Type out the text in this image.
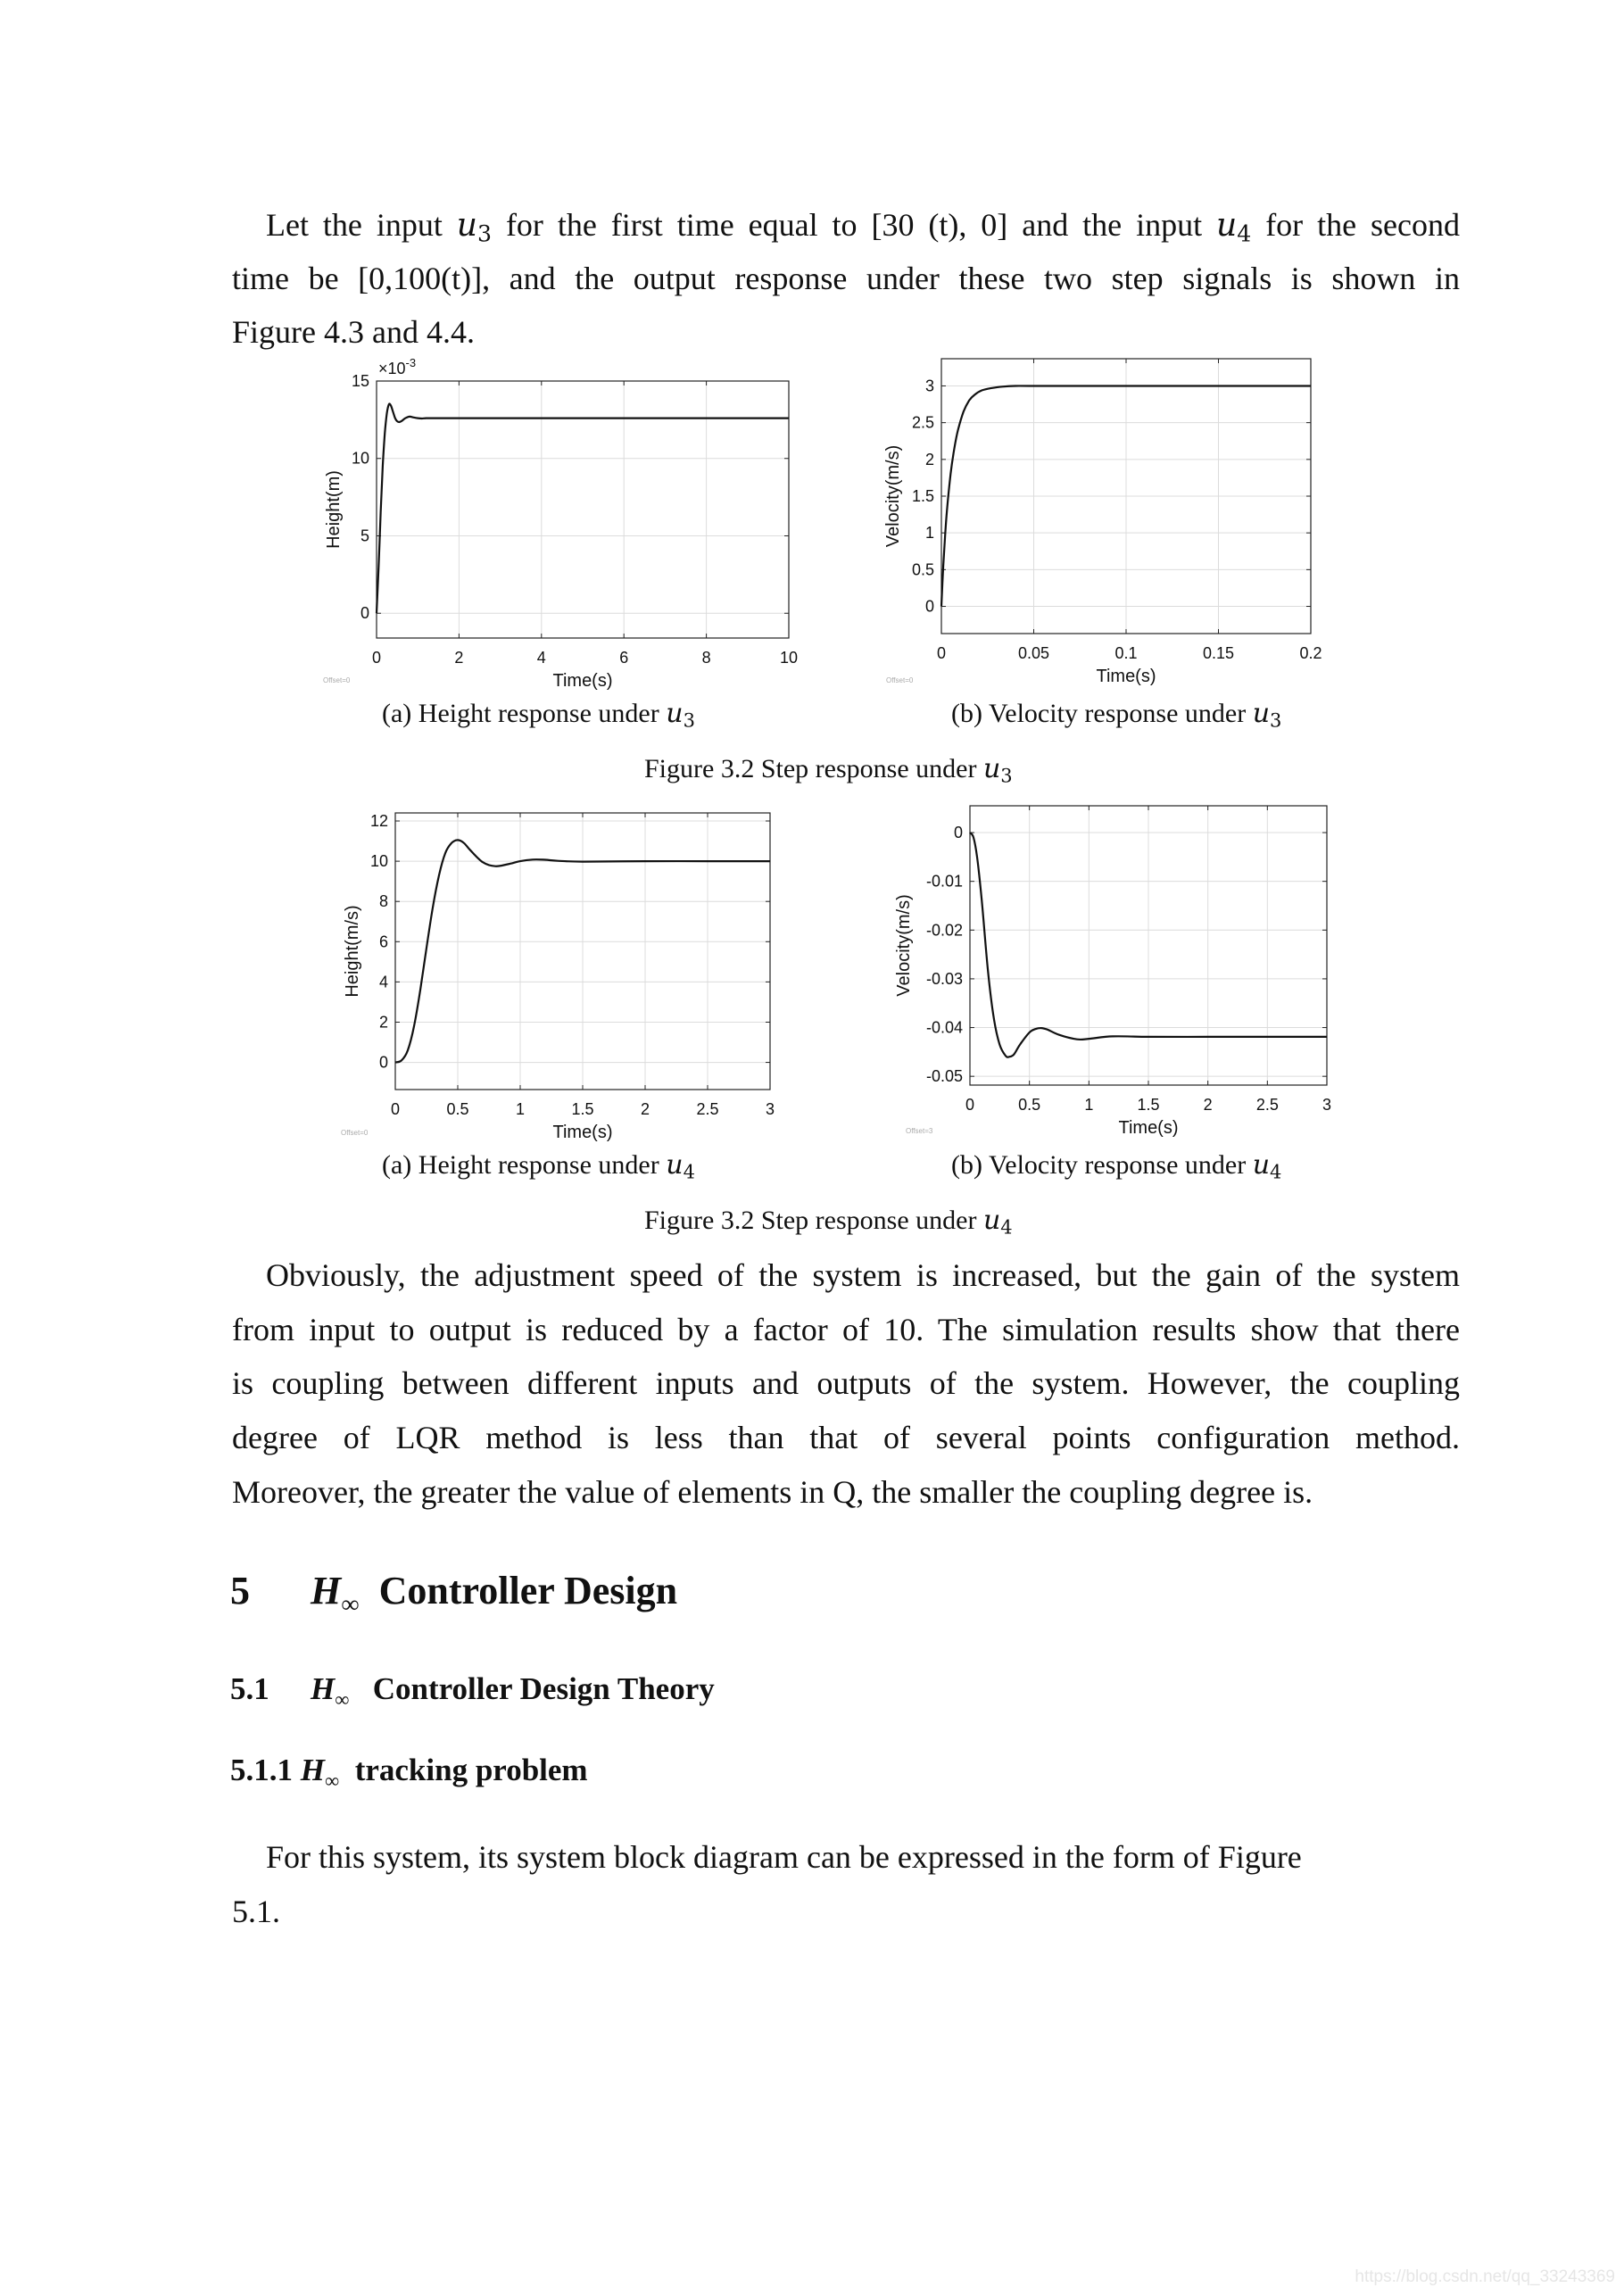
Let the input $u_3$ for the first time equal to [30 (t), 0] and the input $u_4$ for the second
time be [0,100(t)], and the output response under these two step signals is shown in
Figure 4.3 and 4.4.
0	2	4	6	8	10
0
5
10
15
Time(s)
Height(m)
$\times 10^{-3}$
Offset=0
0	0.05	0.1	0.15	0.2
0
0.5
1
1.5
2
2.5
3
Time(s)
Velocity(m/s)
Offset=0
(a) Height response under $u_3$	(b) Velocity response under $u_3$
Figure 3.2 Step response under $u_3$
0	0.5	1	1.5	2	2.5	3
0
2
4
6
8
10
12
Time(s)
Height(m/s)
Offset=0
0	0.5	1	1.5	2	2.5	3
0
-0.01
-0.02
-0.03
-0.04
-0.05
Time(s)
Velocity(m/s)
Offset=3
(a) Height response under $u_4$	(b) Velocity response under $u_4$
Figure 3.2 Step response under $u_4$
Obviously, the adjustment speed of the system is increased, but the gain of the system
from input to output is reduced by a factor of 10. The simulation results show that there
is coupling between different inputs and outputs of the system. However, the coupling
degree of LQR method is less than that of several points configuration method.
Moreover, the greater the value of elements in Q, the smaller the coupling degree is.
5 $H_\infty$ Controller Design
5.1 $H_\infty$ Controller Design Theory
5.1.1 $H_\infty$ tracking problem
For this system, its system block diagram can be expressed in the form of Figure
5.1.
https://blog.csdn.net/qq_33243369
